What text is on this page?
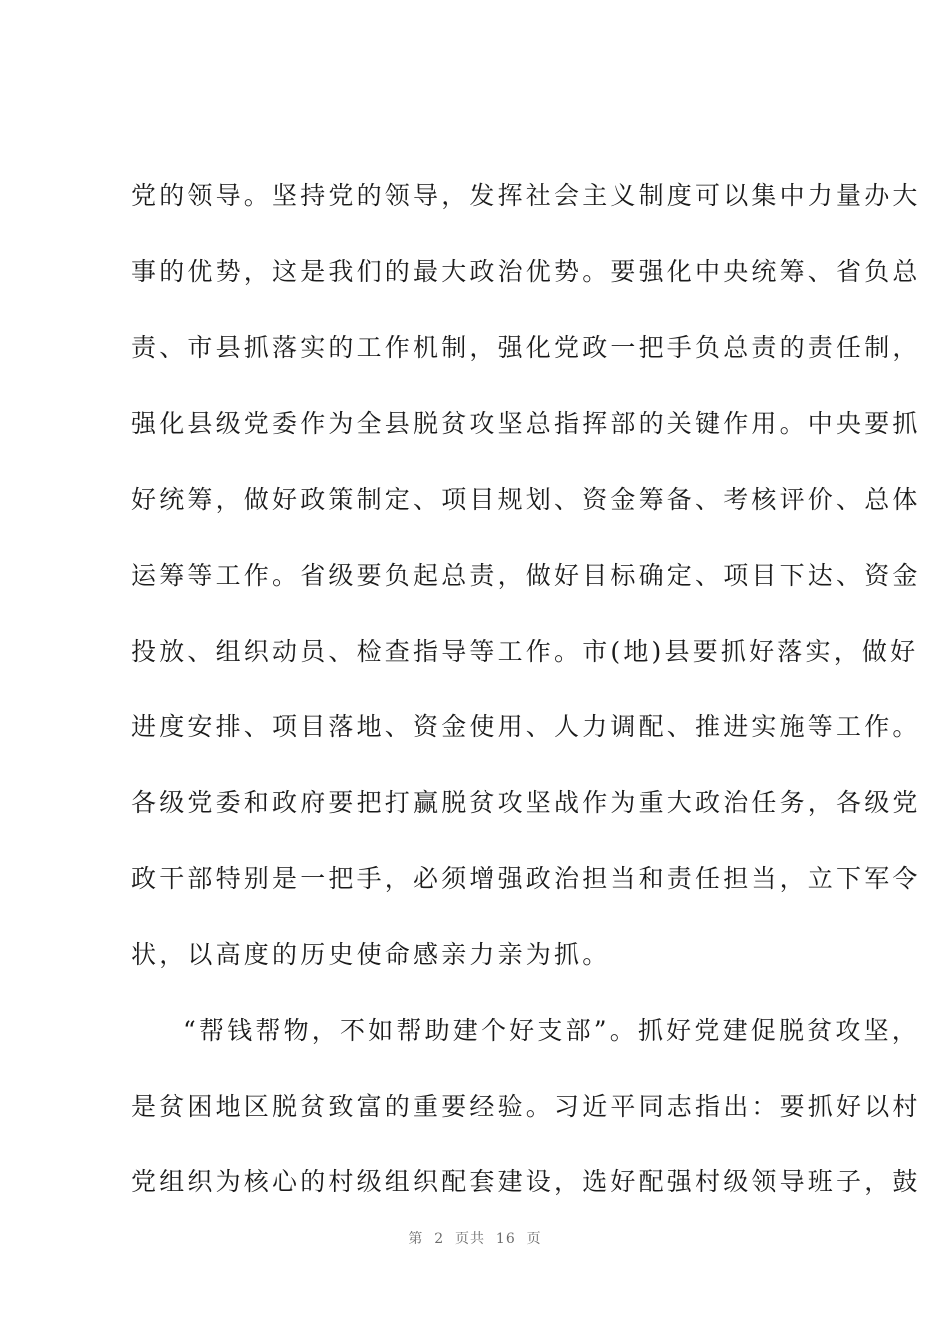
党的领导。坚持党的领导，发挥社会主义制度可以集中力量办大
事的优势，这是我们的最大政治优势。要强化中央统筹、省负总
责、市县抓落实的工作机制，强化党政一把手负总责的责任制，
强化县级党委作为全县脱贫攻坚总指挥部的关键作用。中央要抓
好统筹，做好政策制定、项目规划、资金筹备、考核评价、总体
运筹等工作。省级要负起总责，做好目标确定、项目下达、资金
投放、组织动员、检查指导等工作。市(地)县要抓好落实，做好
进度安排、项目落地、资金使用、人力调配、推进实施等工作。
各级党委和政府要把打赢脱贫攻坚战作为重大政治任务，各级党
政干部特别是一把手，必须增强政治担当和责任担当，立下军令
状，以高度的历史使命感亲力亲为抓。
“帮钱帮物，不如帮助建个好支部”。抓好党建促脱贫攻坚，
是贫困地区脱贫致富的重要经验。习近平同志指出：要抓好以村
党组织为核心的村级组织配套建设，选好配强村级领导班子，鼓
第  2  页共  16  页
